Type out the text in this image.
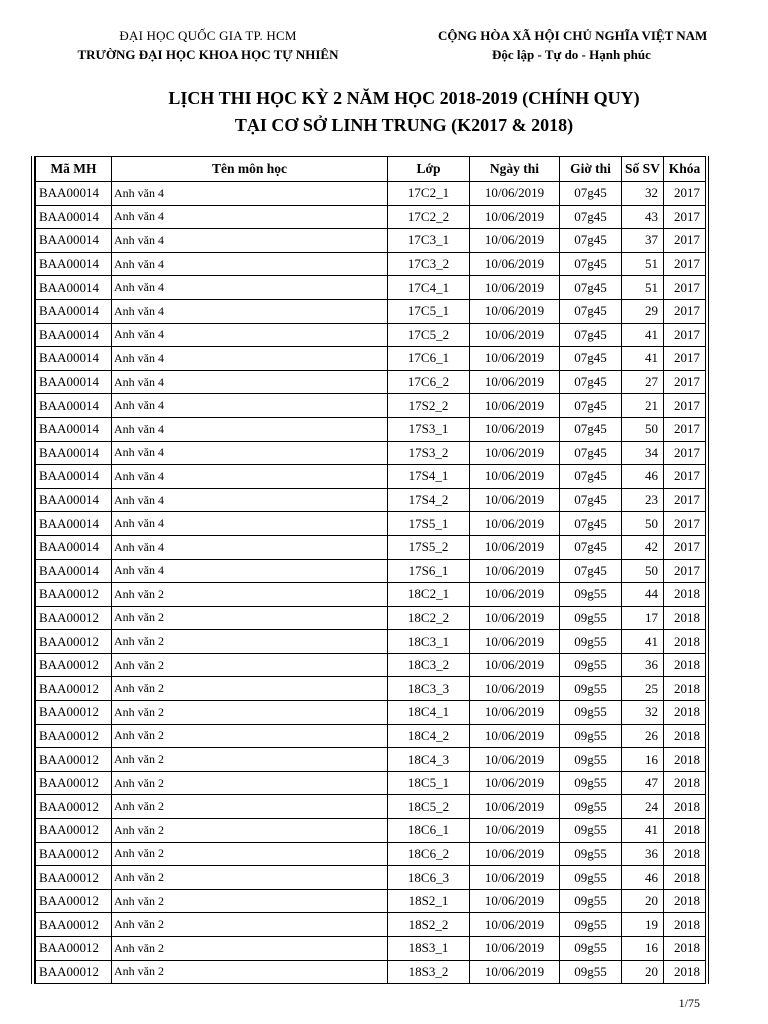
ĐẠI HỌC QUỐC GIA TP. HCM
TRƯỜNG ĐẠI HỌC KHOA HỌC TỰ NHIÊN
CỘNG HÒA XÃ HỘI CHỦ NGHĨA VIỆT NAM
Độc lập - Tự do - Hạnh phúc
LỊCH THI HỌC KỲ 2 NĂM HỌC 2018-2019 (CHÍNH QUY)
TẠI CƠ SỞ LINH TRUNG (K2017 & 2018)
Mã MH	Tên môn học	Lớp	Ngày thi	Giờ thi	Số SV	Khóa
BAA00014	Anh văn 4	17C2_1	10/06/2019	07g45	32	2017
BAA00014	Anh văn 4	17C2_2	10/06/2019	07g45	43	2017
BAA00014	Anh văn 4	17C3_1	10/06/2019	07g45	37	2017
BAA00014	Anh văn 4	17C3_2	10/06/2019	07g45	51	2017
BAA00014	Anh văn 4	17C4_1	10/06/2019	07g45	51	2017
BAA00014	Anh văn 4	17C5_1	10/06/2019	07g45	29	2017
BAA00014	Anh văn 4	17C5_2	10/06/2019	07g45	41	2017
BAA00014	Anh văn 4	17C6_1	10/06/2019	07g45	41	2017
BAA00014	Anh văn 4	17C6_2	10/06/2019	07g45	27	2017
BAA00014	Anh văn 4	17S2_2	10/06/2019	07g45	21	2017
BAA00014	Anh văn 4	17S3_1	10/06/2019	07g45	50	2017
BAA00014	Anh văn 4	17S3_2	10/06/2019	07g45	34	2017
BAA00014	Anh văn 4	17S4_1	10/06/2019	07g45	46	2017
BAA00014	Anh văn 4	17S4_2	10/06/2019	07g45	23	2017
BAA00014	Anh văn 4	17S5_1	10/06/2019	07g45	50	2017
BAA00014	Anh văn 4	17S5_2	10/06/2019	07g45	42	2017
BAA00014	Anh văn 4	17S6_1	10/06/2019	07g45	50	2017
BAA00012	Anh văn 2	18C2_1	10/06/2019	09g55	44	2018
BAA00012	Anh văn 2	18C2_2	10/06/2019	09g55	17	2018
BAA00012	Anh văn 2	18C3_1	10/06/2019	09g55	41	2018
BAA00012	Anh văn 2	18C3_2	10/06/2019	09g55	36	2018
BAA00012	Anh văn 2	18C3_3	10/06/2019	09g55	25	2018
BAA00012	Anh văn 2	18C4_1	10/06/2019	09g55	32	2018
BAA00012	Anh văn 2	18C4_2	10/06/2019	09g55	26	2018
BAA00012	Anh văn 2	18C4_3	10/06/2019	09g55	16	2018
BAA00012	Anh văn 2	18C5_1	10/06/2019	09g55	47	2018
BAA00012	Anh văn 2	18C5_2	10/06/2019	09g55	24	2018
BAA00012	Anh văn 2	18C6_1	10/06/2019	09g55	41	2018
BAA00012	Anh văn 2	18C6_2	10/06/2019	09g55	36	2018
BAA00012	Anh văn 2	18C6_3	10/06/2019	09g55	46	2018
BAA00012	Anh văn 2	18S2_1	10/06/2019	09g55	20	2018
BAA00012	Anh văn 2	18S2_2	10/06/2019	09g55	19	2018
BAA00012	Anh văn 2	18S3_1	10/06/2019	09g55	16	2018
BAA00012	Anh văn 2	18S3_2	10/06/2019	09g55	20	2018
1/75
